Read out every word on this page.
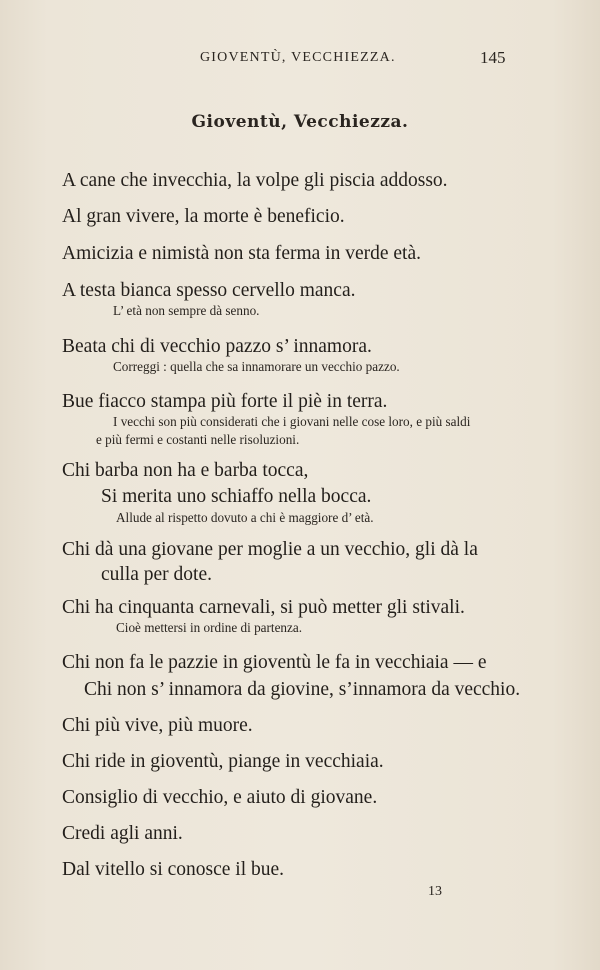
GIOVENTÙ, VECCHIEZZA.	145
Gioventù, Vecchiezza.
A cane che invecchia, la volpe gli piscia addosso.
Al gran vivere, la morte è beneficio.
Amicizia e nimistà non sta ferma in verde età.
A testa bianca spesso cervello manca.
L’ età non sempre dà senno.
Beata chi di vecchio pazzo s’ innamora.
Correggi : quella che sa innamorare un vecchio pazzo.
Bue fiacco stampa più forte il piè in terra.
I vecchi son più considerati che i giovani nelle cose loro, e più saldi
e più fermi e costanti nelle risoluzioni.
Chi barba non ha e barba tocca,
Si merita uno schiaffo nella bocca.
Allude al rispetto dovuto a chi è maggiore d’ età.
Chi dà una giovane per moglie a un vecchio, gli dà la
culla per dote.
Chi ha cinquanta carnevali, si può metter gli stivali.
Cioè mettersi in ordine di partenza.
Chi non fa le pazzie in gioventù le fa in vecchiaia — e
Chi non s’ innamora da giovine, s’innamora da vecchio.
Chi più vive, più muore.
Chi ride in gioventù, piange in vecchiaia.
Consiglio di vecchio, e aiuto di giovane.
Credi agli anni.
Dal vitello si conosce il bue.
13
